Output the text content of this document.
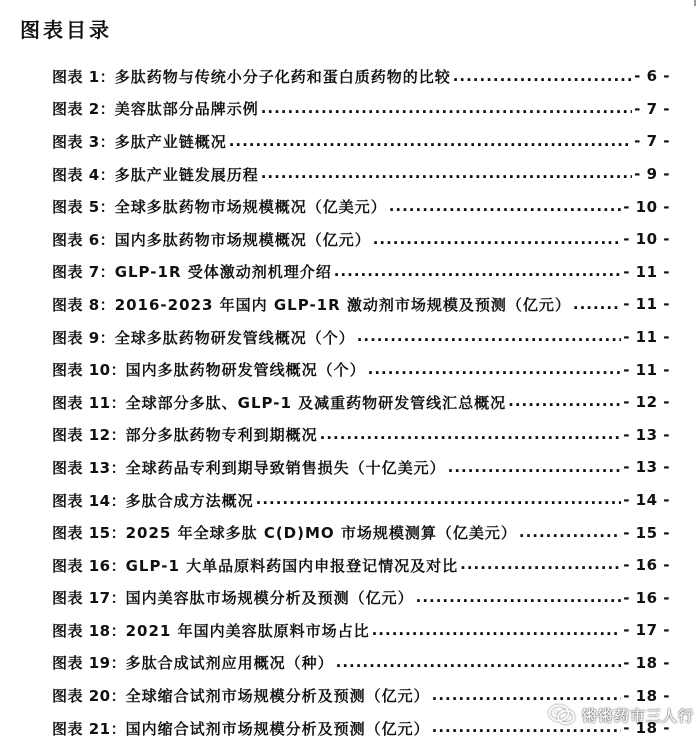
图表目录
图表 1 ： 多肽药物与传统小分子化药和蛋白质药物的比较 .....	- 6 -
图表 2 ： 美容肽部分品牌示例 .....	- 7 -
图表 3 ： 多肽产业链概况 .....	- 7 -
图表 4 ： 多肽产业链发展历程 .....	- 9 -
图表 5 ： 全球多肽药物市场规模概况（亿美元） .....	- 10 -
图表 6 ： 国内多肽药物市场规模概况（亿元） .....	- 10 -
图表 7 ： GLP-1R 受体激动剂机理介绍 .....	- 11 -
图表 8 ： 2016-2023 年国内 GLP-1R 激动剂市场规模及预测（亿元） .....	- 11 -
图表 9 ： 全球多肽药物研发管线概况（个） .....	- 11 -
图表 10 ： 国内多肽药物研发管线概况（个） .....	- 11 -
图表 11 ： 全球部分多肽、GLP-1 及减重药物研发管线汇总概况 .....	- 12 -
图表 12 ： 部分多肽药物专利到期概况 .....	- 13 -
图表 13 ： 全球药品专利到期导致销售损失（十亿美元） .....	- 13 -
图表 14 ： 多肽合成方法概况 .....	- 14 -
图表 15 ： 2025 年全球多肽 C(D)MO 市场规模测算（亿美元） .....	- 15 -
图表 16 ： GLP-1 大单品原料药国内申报登记情况及对比 .....	- 16 -
图表 17 ： 国内美容肽市场规模分析及预测（亿元） .....	- 16 -
图表 18 ： 2021 年国内美容肽原料市场占比 .....	- 17 -
图表 19 ： 多肽合成试剂应用概况（种） .....	- 18 -
图表 20 ： 全球缩合试剂市场规模分析及预测（亿元） .....	- 18 -
图表 21 ： 国内缩合试剂市场规模分析及预测（亿元） .....	- 18 -
锵锵药市三人行
